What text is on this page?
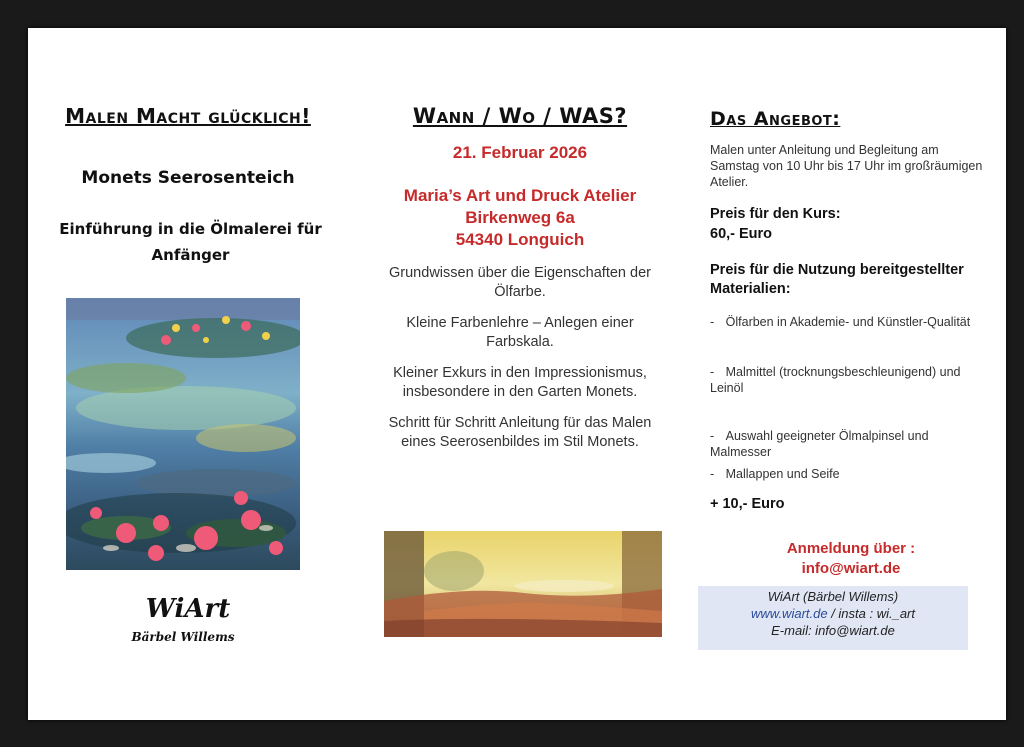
Malen Macht glücklich!
Monets Seerosenteich
Einführung in die Ölmalerei für Anfänger
WiArt
Bärbel Willems
Wann / Wo / WAS?
21. Februar 2026
Maria’s Art und Druck Atelier
Birkenweg 6a
54340 Longuich

Grundwissen über die Eigenschaften der Ölfarbe.

Kleine Farbenlehre – Anlegen einer Farbskala.

Kleiner Exkurs in den Impressionismus, insbesondere in den Garten Monets.

Schritt für Schritt Anleitung für das Malen eines Seerosenbildes im Stil Monets.

Das Angebot:
Malen unter Anleitung und Begleitung am Samstag von 10 Uhr bis 17 Uhr im großräumigen Atelier.
Preis für den Kurs:
60,- Euro
Preis für die Nutzung bereitgestellter Materialien:
- Ölfarben in Akademie- und Künstler-Qualität
- Malmittel (trocknungsbeschleunigend) und Leinöl
- Auswahl geeigneter Ölmalpinsel und Malmesser
- Mallappen und Seife
+ 10,- Euro
Anmeldung über :
info@wiart.de
WiArt (Bärbel Willems)
www.wiart.de / insta : wi._art
E-mail: info@wiart.de
